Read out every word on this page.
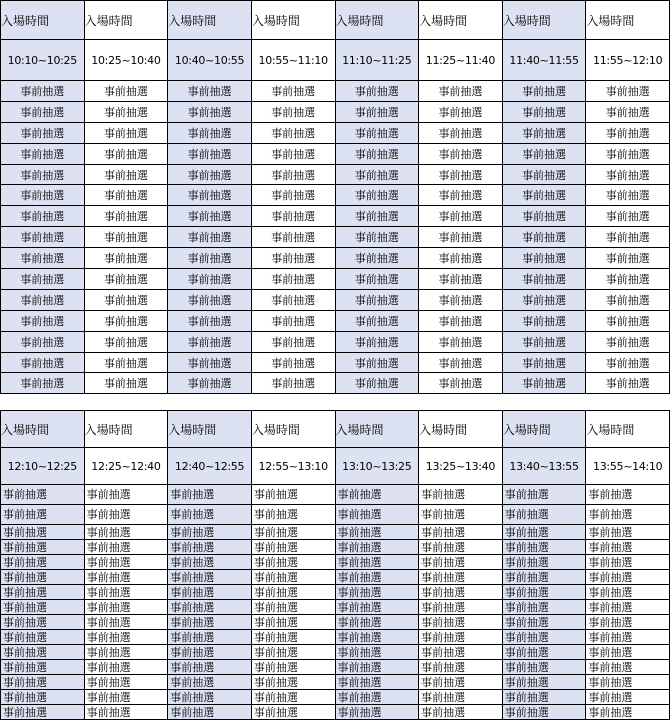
入場時間	入場時間	入場時間	入場時間	入場時間	入場時間	入場時間	入場時間
10:10~10:25	10:25~10:40	10:40~10:55	10:55~11:10	11:10~11:25	11:25~11:40	11:40~11:55	11:55~12:10
事前抽選	事前抽選	事前抽選	事前抽選	事前抽選	事前抽選	事前抽選	事前抽選
事前抽選	事前抽選	事前抽選	事前抽選	事前抽選	事前抽選	事前抽選	事前抽選
事前抽選	事前抽選	事前抽選	事前抽選	事前抽選	事前抽選	事前抽選	事前抽選
事前抽選	事前抽選	事前抽選	事前抽選	事前抽選	事前抽選	事前抽選	事前抽選
事前抽選	事前抽選	事前抽選	事前抽選	事前抽選	事前抽選	事前抽選	事前抽選
事前抽選	事前抽選	事前抽選	事前抽選	事前抽選	事前抽選	事前抽選	事前抽選
事前抽選	事前抽選	事前抽選	事前抽選	事前抽選	事前抽選	事前抽選	事前抽選
事前抽選	事前抽選	事前抽選	事前抽選	事前抽選	事前抽選	事前抽選	事前抽選
事前抽選	事前抽選	事前抽選	事前抽選	事前抽選	事前抽選	事前抽選	事前抽選
事前抽選	事前抽選	事前抽選	事前抽選	事前抽選	事前抽選	事前抽選	事前抽選
事前抽選	事前抽選	事前抽選	事前抽選	事前抽選	事前抽選	事前抽選	事前抽選
事前抽選	事前抽選	事前抽選	事前抽選	事前抽選	事前抽選	事前抽選	事前抽選
事前抽選	事前抽選	事前抽選	事前抽選	事前抽選	事前抽選	事前抽選	事前抽選
事前抽選	事前抽選	事前抽選	事前抽選	事前抽選	事前抽選	事前抽選	事前抽選
事前抽選	事前抽選	事前抽選	事前抽選	事前抽選	事前抽選	事前抽選	事前抽選
入場時間	入場時間	入場時間	入場時間	入場時間	入場時間	入場時間	入場時間
12:10~12:25	12:25~12:40	12:40~12:55	12:55~13:10	13:10~13:25	13:25~13:40	13:40~13:55	13:55~14:10
事前抽選	事前抽選	事前抽選	事前抽選	事前抽選	事前抽選	事前抽選	事前抽選
事前抽選	事前抽選	事前抽選	事前抽選	事前抽選	事前抽選	事前抽選	事前抽選
事前抽選	事前抽選	事前抽選	事前抽選	事前抽選	事前抽選	事前抽選	事前抽選
事前抽選	事前抽選	事前抽選	事前抽選	事前抽選	事前抽選	事前抽選	事前抽選
事前抽選	事前抽選	事前抽選	事前抽選	事前抽選	事前抽選	事前抽選	事前抽選
事前抽選	事前抽選	事前抽選	事前抽選	事前抽選	事前抽選	事前抽選	事前抽選
事前抽選	事前抽選	事前抽選	事前抽選	事前抽選	事前抽選	事前抽選	事前抽選
事前抽選	事前抽選	事前抽選	事前抽選	事前抽選	事前抽選	事前抽選	事前抽選
事前抽選	事前抽選	事前抽選	事前抽選	事前抽選	事前抽選	事前抽選	事前抽選
事前抽選	事前抽選	事前抽選	事前抽選	事前抽選	事前抽選	事前抽選	事前抽選
事前抽選	事前抽選	事前抽選	事前抽選	事前抽選	事前抽選	事前抽選	事前抽選
事前抽選	事前抽選	事前抽選	事前抽選	事前抽選	事前抽選	事前抽選	事前抽選
事前抽選	事前抽選	事前抽選	事前抽選	事前抽選	事前抽選	事前抽選	事前抽選
事前抽選	事前抽選	事前抽選	事前抽選	事前抽選	事前抽選	事前抽選	事前抽選
事前抽選	事前抽選	事前抽選	事前抽選	事前抽選	事前抽選	事前抽選	事前抽選
